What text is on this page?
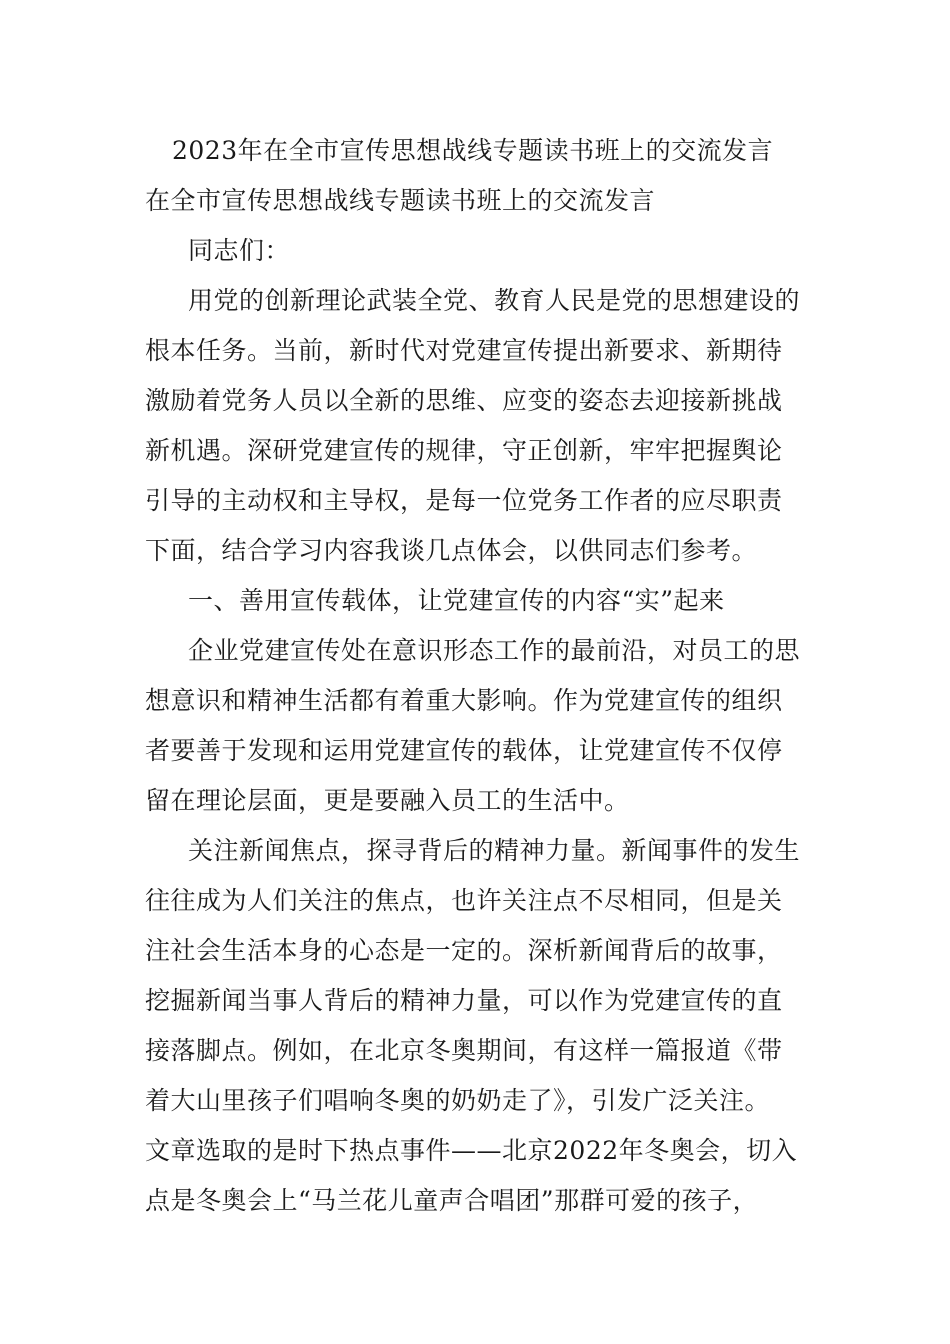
2023年在全市宣传思想战线专题读书班上的交流发言
在全市宣传思想战线专题读书班上的交流发言
同志们：
用党的创新理论武装全党、教育人民是党的思想建设的
根本任务。当前，新时代对党建宣传提出新要求、新期待
激励着党务人员以全新的思维、应变的姿态去迎接新挑战
新机遇。深研党建宣传的规律，守正创新，牢牢把握舆论
引导的主动权和主导权，是每一位党务工作者的应尽职责
下面，结合学习内容我谈几点体会，以供同志们参考。
一、善用宣传载体，让党建宣传的内容“实”起来
企业党建宣传处在意识形态工作的最前沿，对员工的思
想意识和精神生活都有着重大影响。作为党建宣传的组织
者要善于发现和运用党建宣传的载体，让党建宣传不仅停
留在理论层面，更是要融入员工的生活中。
关注新闻焦点，探寻背后的精神力量。新闻事件的发生
往往成为人们关注的焦点，也许关注点不尽相同，但是关
注社会生活本身的心态是一定的。深析新闻背后的故事，
挖掘新闻当事人背后的精神力量，可以作为党建宣传的直
接落脚点。例如，在北京冬奥期间，有这样一篇报道《带
着大山里孩子们唱响冬奥的奶奶走了》，引发广泛关注。
文章选取的是时下热点事件——北京2022年冬奥会，切入
点是冬奥会上“马兰花儿童声合唱团”那群可爱的孩子，
